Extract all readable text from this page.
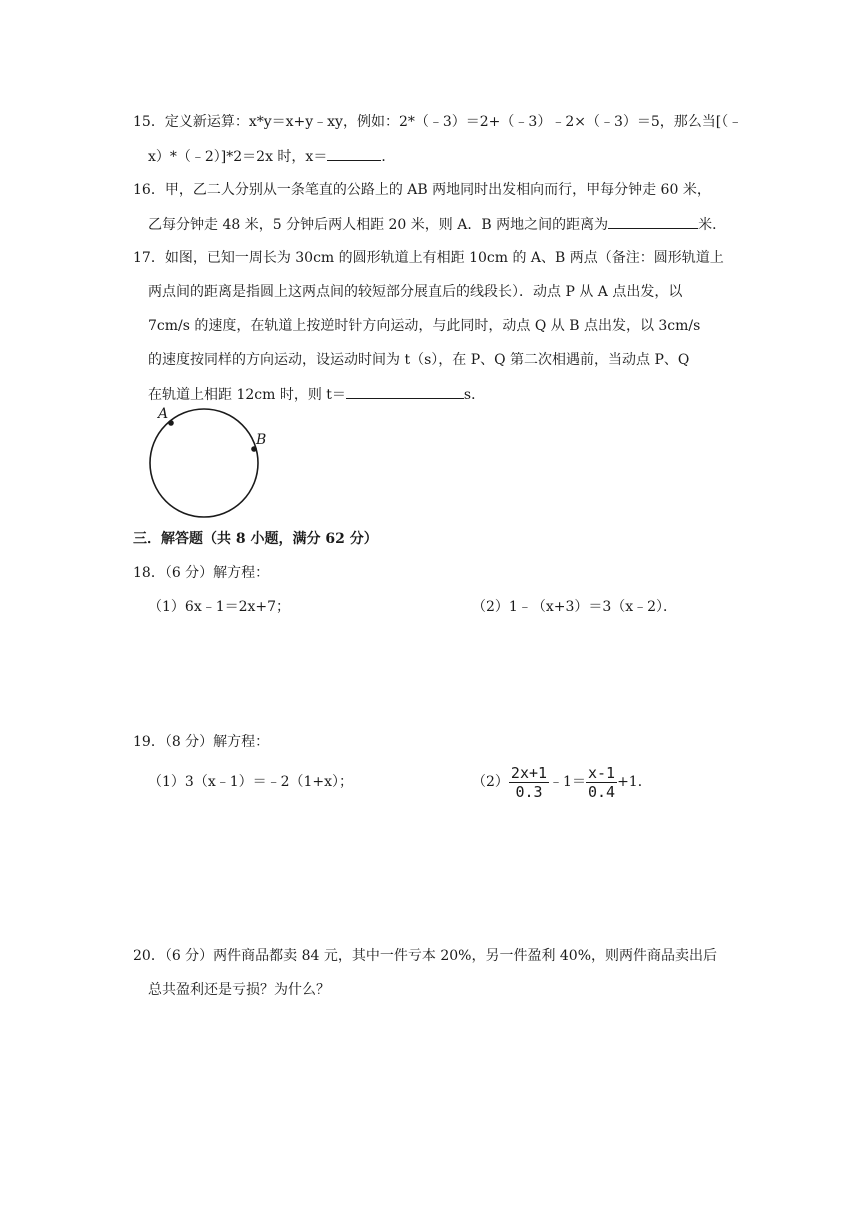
15．定义新运算：x*y＝x+y﹣xy，例如：2*（﹣3）＝2+（﹣3）﹣2×（﹣3）＝5，那么当[（﹣
x）*（﹣2）]*2＝2x 时，x＝	．
16．甲，乙二人分别从一条笔直的公路上的 AB 两地同时出发相向而行，甲每分钟走 60 米，
乙每分钟走 48 米，5 分钟后两人相距 20 米，则 A．B 两地之间的距离为	米．
17．如图，已知一周长为 30cm 的圆形轨道上有相距 10cm 的 A、B 两点（备注：圆形轨道上
两点间的距离是指圆上这两点间的较短部分展直后的线段长）．动点 P 从 A 点出发，以
7cm/s 的速度，在轨道上按逆时针方向运动，与此同时，动点 Q 从 B 点出发，以 3cm/s
的速度按同样的方向运动，设运动时间为 t（s），在 P、Q 第二次相遇前，当动点 P、Q
在轨道上相距 12cm 时，则 t＝	s．
A
B
三．解答题（共 8 小题，满分 62 分）
18．（6 分）解方程：
（1）6x﹣1＝2x+7；	（2）1﹣（x+3）＝3（x﹣2）．
19．（8 分）解方程：
（1）3（x﹣1）＝﹣2（1+x）；	$(2) \frac{2x+1}{0.3}$ ﹣1＝ $\frac{x-1}{0.4} +1$．
20．（6 分）两件商品都卖 84 元，其中一件亏本 20%，另一件盈利 40%，则两件商品卖出后
总共盈利还是亏损？为什么？
